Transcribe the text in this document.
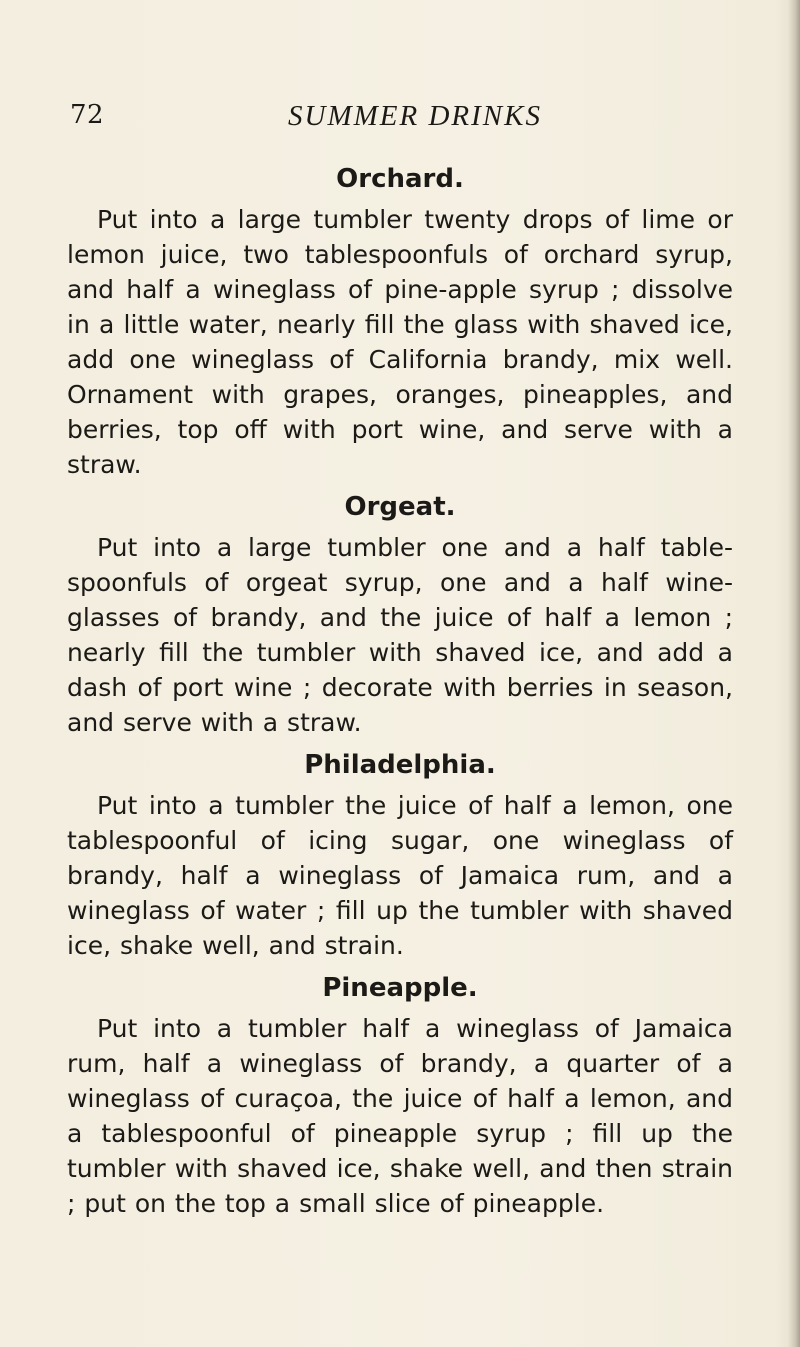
72	SUMMER DRINKS
Orchard.

Put into a large tumbler twenty drops of lime or lemon juice, two tablespoonfuls of orchard syrup, and half a wineglass of pine-apple syrup ; dissolve in a little water, nearly fill the glass with shaved ice, add one wineglass of California brandy, mix well. Ornament with grapes, oranges, pineapples, and berries, top off with port wine, and serve with a straw.

Orgeat.

Put into a large tumbler one and a half table-spoonfuls of orgeat syrup, one and a half wine-glasses of brandy, and the juice of half a lemon ; nearly fill the tumbler with shaved ice, and add a dash of port wine ; decorate with berries in season, and serve with a straw.

Philadelphia.

Put into a tumbler the juice of half a lemon, one tablespoonful of icing sugar, one wineglass of brandy, half a wineglass of Jamaica rum, and a wineglass of water ; fill up the tumbler with shaved ice, shake well, and strain.

Pineapple.

Put into a tumbler half a wineglass of Jamaica rum, half a wineglass of brandy, a quarter of a wineglass of curaçoa, the juice of half a lemon, and a tablespoonful of pineapple syrup ; fill up the tumbler with shaved ice, shake well, and then strain ; put on the top a small slice of pineapple.
